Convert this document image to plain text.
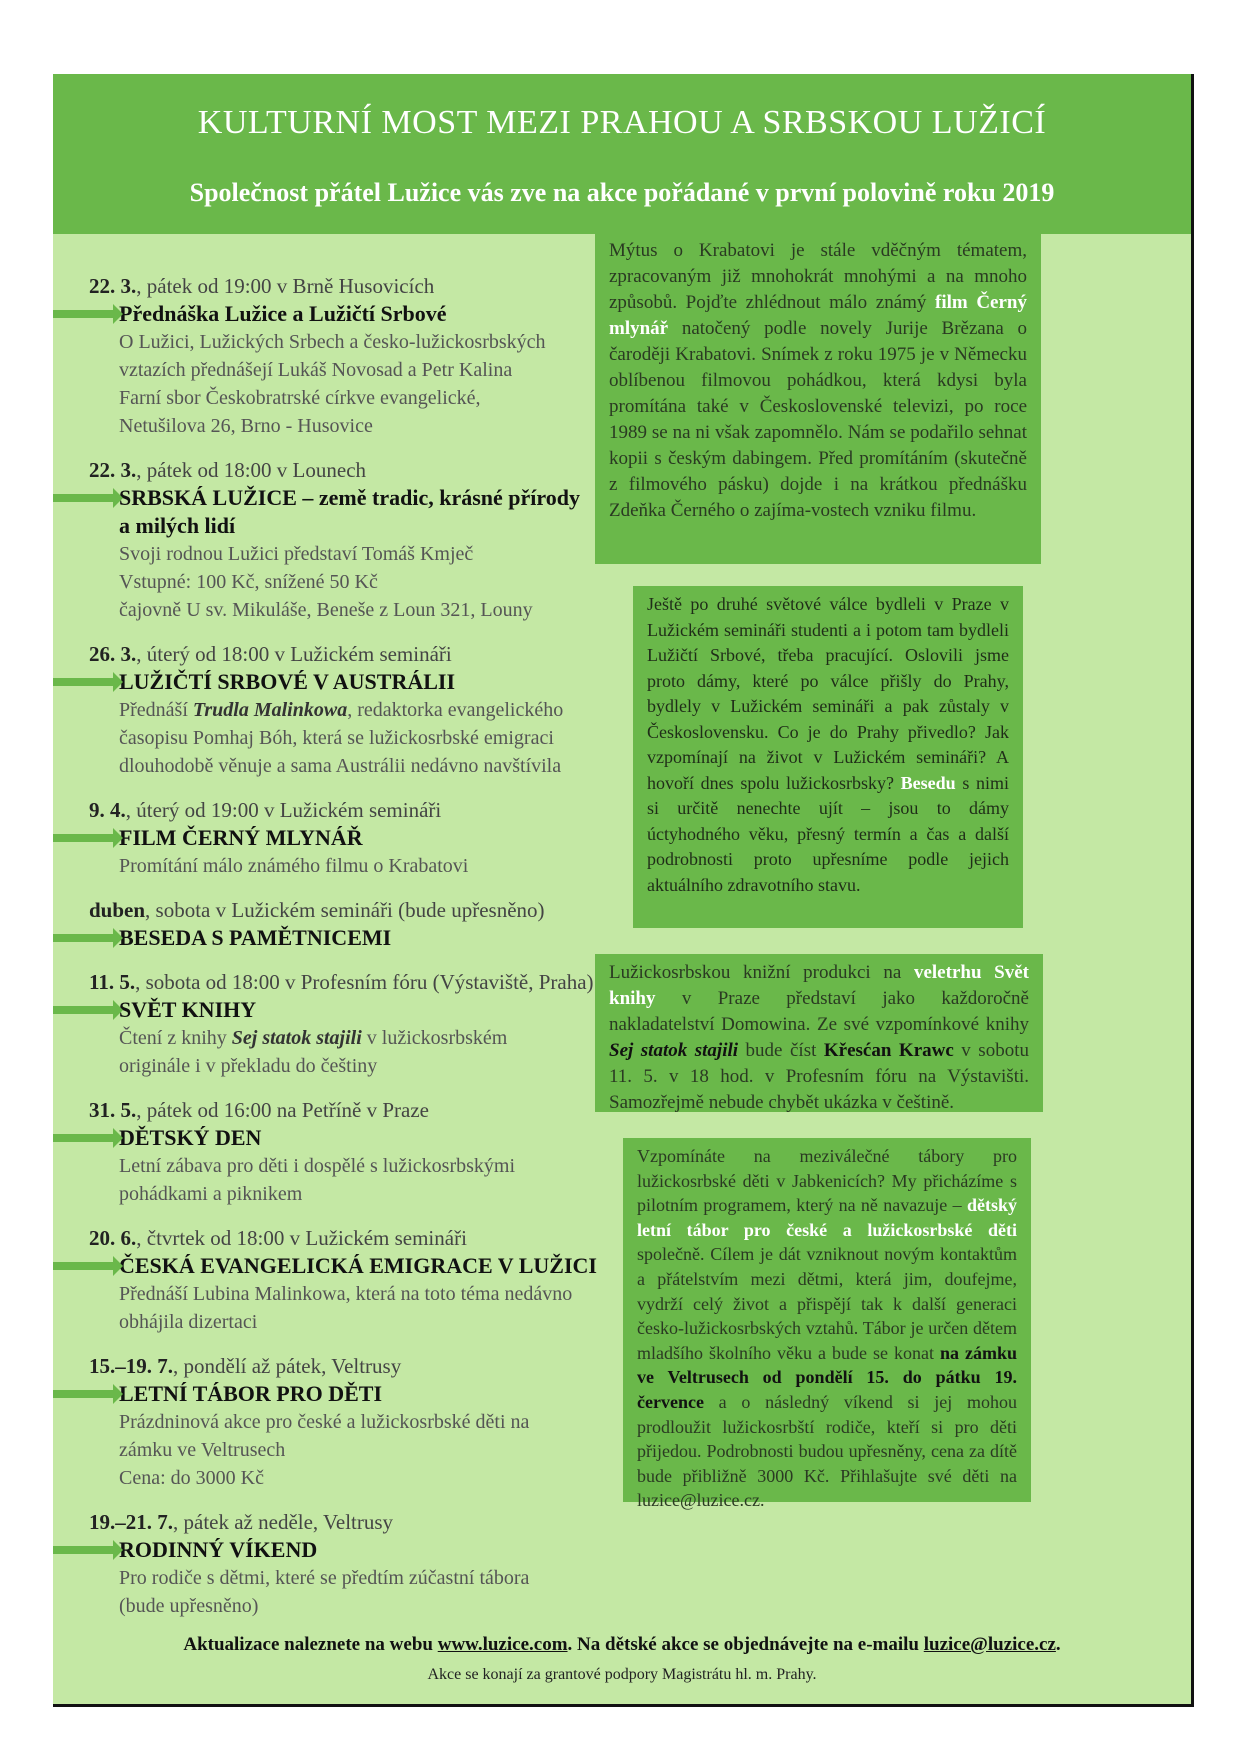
KULTURNÍ MOST MEZI PRAHOU A SRBSKOU LUŽICÍ
Společnost přátel Lužice vás zve na akce pořádané v první polovině roku 2019
22. 3., pátek od 19:00 v Brně Husovicích
Přednáška Lužice a Lužičtí Srbové
O Lužici, Lužických Srbech a česko-lužickosrbských
vztazích přednášejí Lukáš Novosad a Petr Kalina
Farní sbor Českobratrské církve evangelické,
Netušilova 26, Brno - Husovice
22. 3., pátek od 18:00 v Lounech
SRBSKÁ LUŽICE – země tradic, krásné přírody
a milých lidí
Svoji rodnou Lužici představí Tomáš Kmječ
Vstupné: 100 Kč, snížené 50 Kč
čajovně U sv. Mikuláše, Beneše z Loun 321, Louny
26. 3., úterý od 18:00 v Lužickém semináři
LUŽIČTÍ SRBOVÉ V AUSTRÁLII
Přednáší Trudla Malinkowa, redaktorka evangelického
časopisu Pomhaj Bóh, která se lužickosrbské emigraci
dlouhodobě věnuje a sama Austrálii nedávno navštívila
9. 4., úterý od 19:00 v Lužickém semináři
FILM ČERNÝ MLYNÁŘ
Promítání málo známého filmu o Krabatovi
duben, sobota v Lužickém semináři (bude upřesněno)
BESEDA S PAMĚTNICEMI
11. 5., sobota od 18:00 v Profesním fóru (Výstaviště, Praha)
SVĚT KNIHY
Čtení z knihy Sej statok stajili v lužickosrbském
originále i v překladu do češtiny
31. 5., pátek od 16:00 na Petříně v Praze
DĚTSKÝ DEN
Letní zábava pro děti i dospělé s lužickosrbskými
pohádkami a piknikem
20. 6., čtvrtek od 18:00 v Lužickém semináři
ČESKÁ EVANGELICKÁ EMIGRACE V LUŽICI
Přednáší Lubina Malinkowa, která na toto téma nedávno
obhájila dizertaci
15.–19. 7., pondělí až pátek, Veltrusy
LETNÍ TÁBOR PRO DĚTI
Prázdninová akce pro české a lužickosrbské děti na
zámku ve Veltrusech
Cena: do 3000 Kč
19.–21. 7., pátek až neděle, Veltrusy
RODINNÝ VÍKEND
Pro rodiče s dětmi, které se předtím zúčastní tábora
(bude upřesněno)
Mýtus o Krabatovi je stále vděčným tématem, zpracovaným již mnohokrát mnohými a na mnoho způsobů. Pojďte zhlédnout málo známý film Černý mlynář natočený podle novely Jurije Brězana o čaroději Krabatovi. Snímek z roku 1975 je v Německu oblíbenou filmovou pohádkou, která kdysi byla promítána také v Československé televizi, po roce 1989 se na ni však zapomnělo. Nám se podařilo sehnat kopii s českým dabingem. Před promítáním (skutečně z filmového pásku) dojde i na krátkou přednášku Zdeňka Černého o zajíma-vostech vzniku filmu.
Ještě po druhé světové válce bydleli v Praze v Lužickém semináři studenti a i potom tam bydleli Lužičtí Srbové, třeba pracující. Oslovili jsme proto dámy, které po válce přišly do Prahy, bydlely v Lužickém semináři a pak zůstaly v Československu. Co je do Prahy přivedlo? Jak vzpomínají na život v Lužickém semináři? A hovoří dnes spolu lužickosrbsky? Besedu s nimi si určitě nenechte ujít – jsou to dámy úctyhodného věku, přesný termín a čas a další podrobnosti proto upřesníme podle jejich aktuálního zdravotního stavu.
Lužickosrbskou knižní produkci na veletrhu Svět knihy v Praze představí jako každoročně nakladatelství Domowina. Ze své vzpomínkové knihy Sej statok stajili bude číst Křesćan Krawc v sobotu 11. 5. v 18 hod. v Profesním fóru na Výstavišti. Samozřejmě nebude chybět ukázka v češtině.
Vzpomínáte na meziválečné tábory pro lužickosrbské děti v Jabkenicích? My přicházíme s pilotním programem, který na ně navazuje – dětský letní tábor pro české a lužickosrbské děti společně. Cílem je dát vzniknout novým kontaktům a přátelstvím mezi dětmi, která jim, doufejme, vydrží celý život a přispějí tak k další generaci česko-lužickosrbských vztahů. Tábor je určen dětem mladšího školního věku a bude se konat na zámku ve Veltrusech od pondělí 15. do pátku 19. července a o následný víkend si jej mohou prodloužit lužickosrbští rodiče, kteří si pro děti přijedou. Podrobnosti budou upřesněny, cena za dítě bude přibližně 3000 Kč. Přihlašujte své děti na luzice@luzice.cz.
Aktualizace naleznete na webu www.luzice.com. Na dětské akce se objednávejte na e-mailu luzice@luzice.cz.
Akce se konají za grantové podpory Magistrátu hl. m. Prahy.
